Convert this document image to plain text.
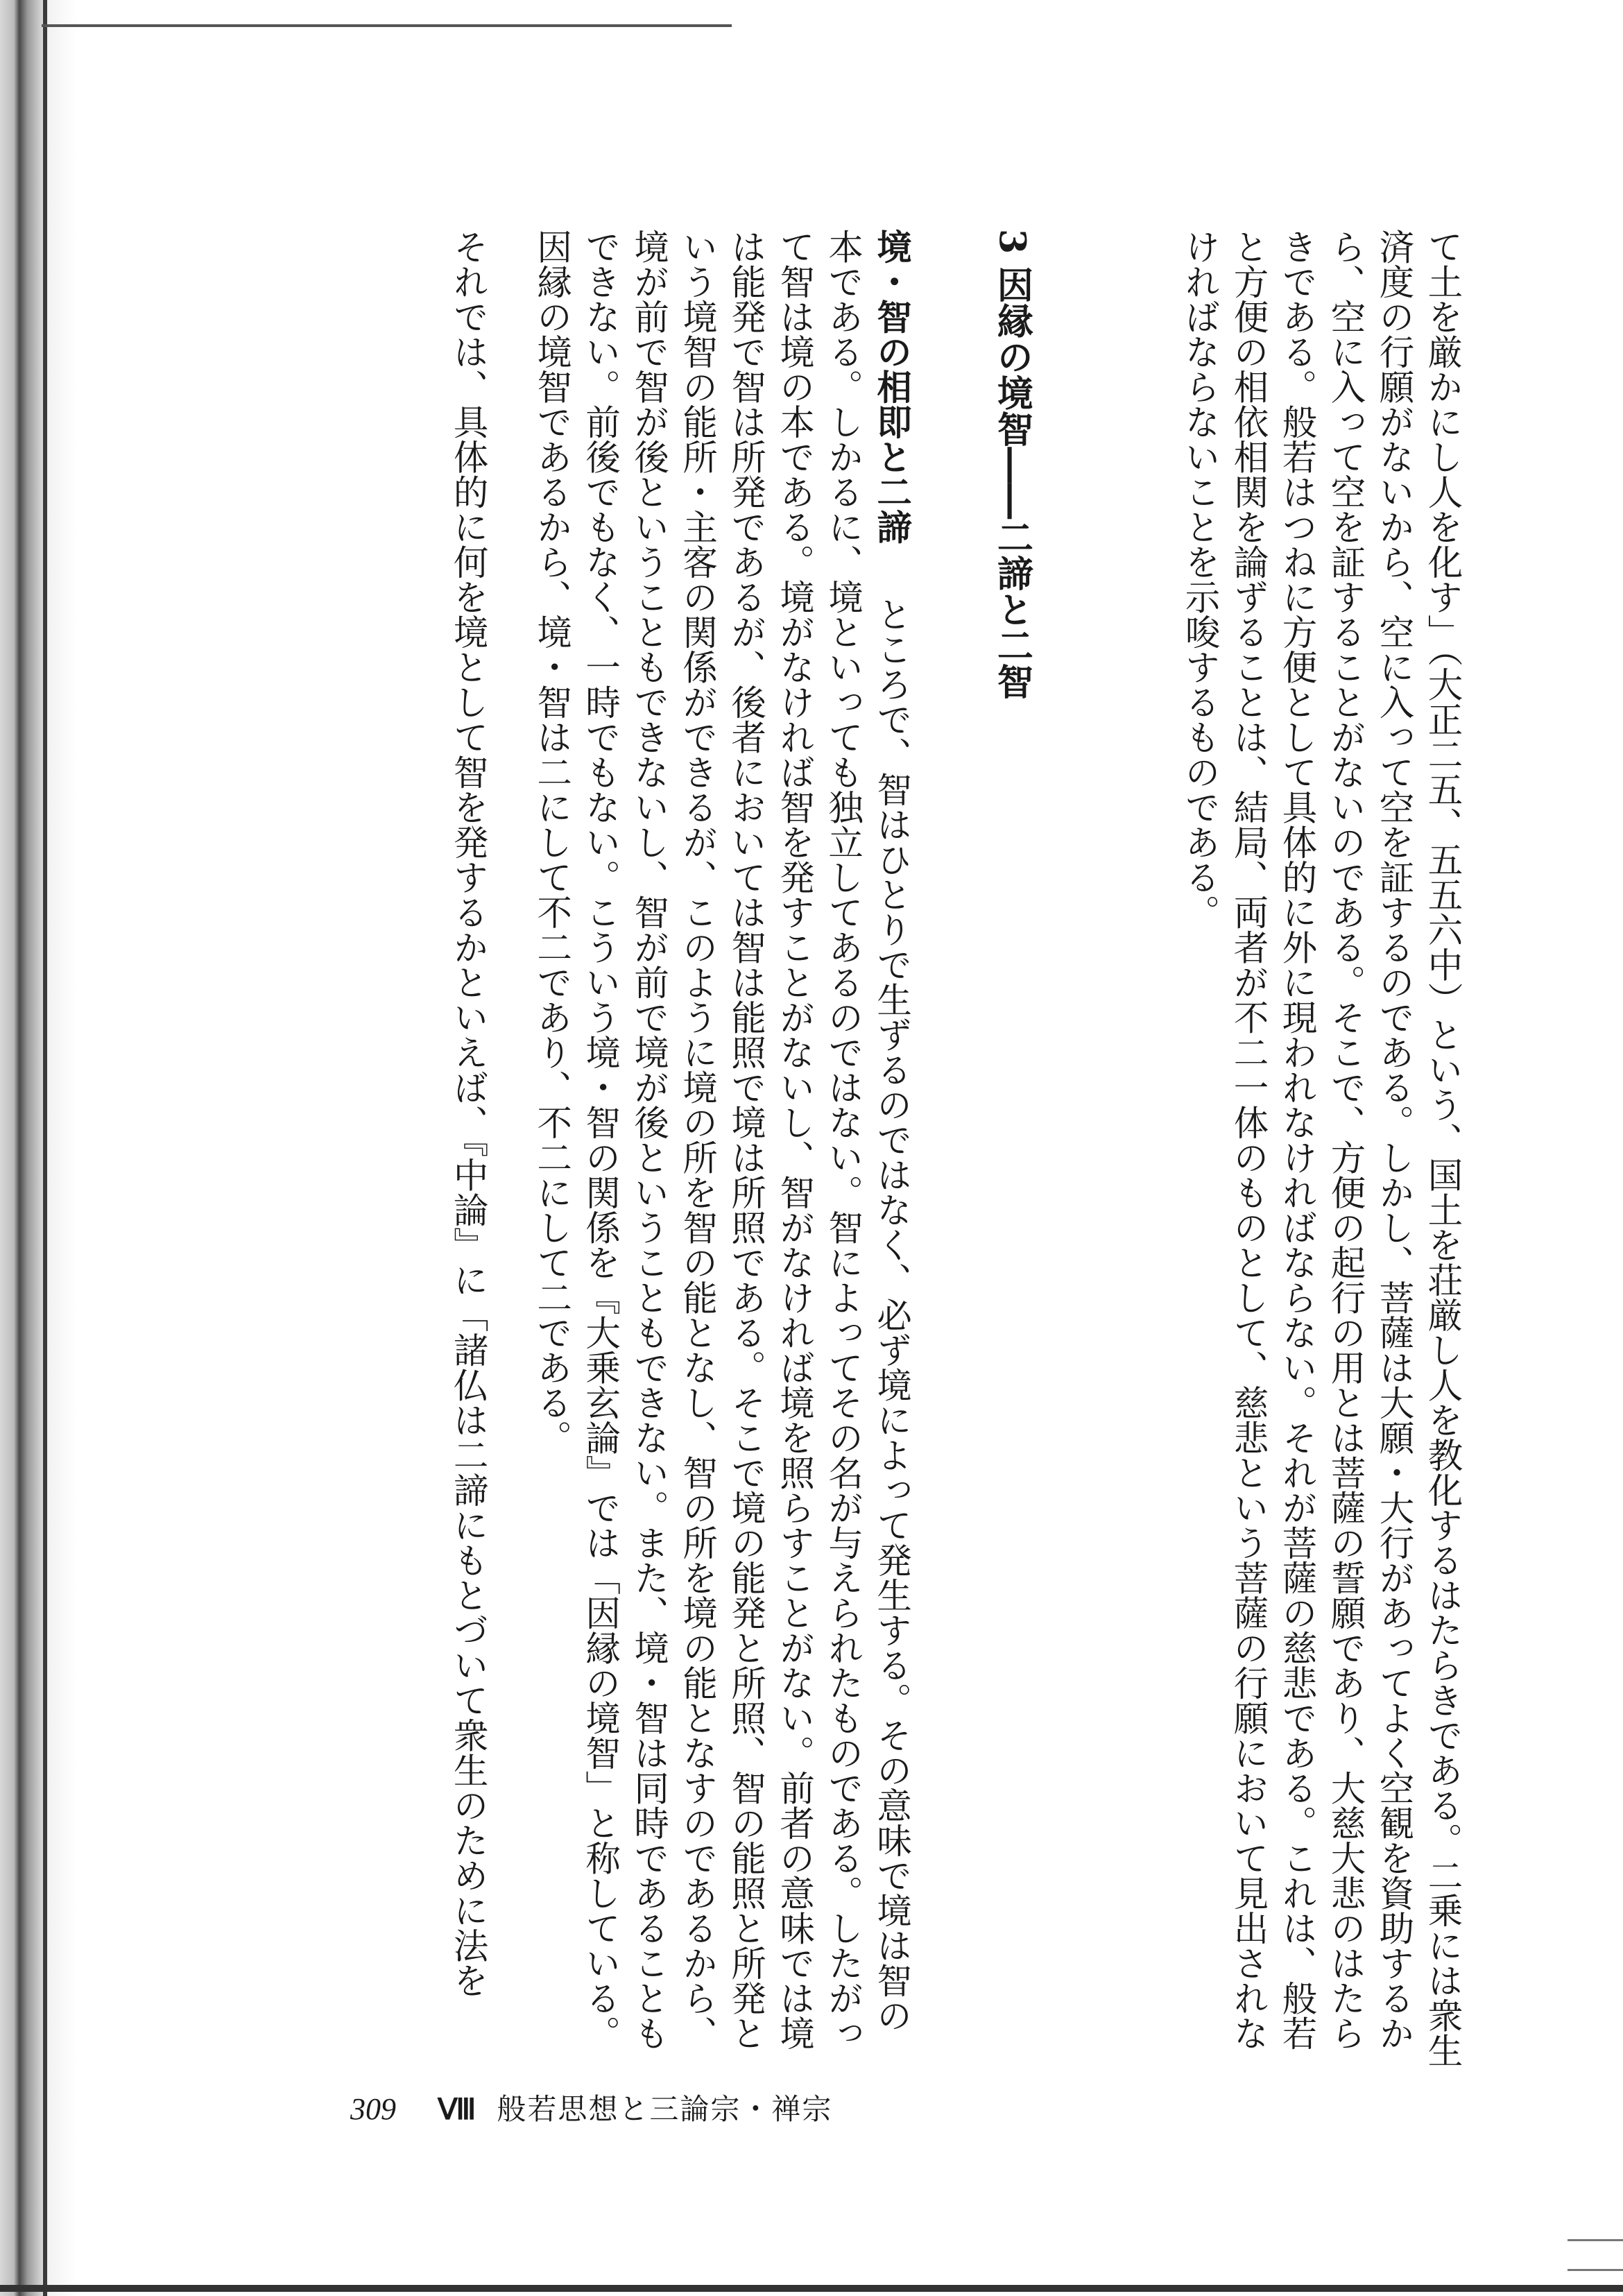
て土を厳かにし人を化す」（大正二五、五五六中）という、国土を荘厳し人を教化するはたらきである。二乗には衆生
済度の行願がないから、空に入って空を証するのである。しかし、菩薩は大願・大行があってよく空観を資助するか
ら、空に入って空を証することがないのである。そこで、方便の起行の用とは菩薩の誓願であり、大慈大悲のはたら
きである。般若はつねに方便として具体的に外に現われなければならない。それが菩薩の慈悲である。これは、般若
と方便の相依相関を論ずることは、結局、両者が不二一体のものとして、慈悲という菩薩の行願において見出されな
ければならないことを示唆するものである。
3 因縁の境智――二諦と二智
境・智の相即と二諦ところで、智はひとりで生ずるのではなく、必ず境によって発生する。その意味で境は智の
本である。しかるに、境といっても独立してあるのではない。智によってその名が与えられたものである。したがっ
て智は境の本である。境がなければ智を発すことがないし、智がなければ境を照らすことがない。前者の意味では境
は能発で智は所発であるが、後者においては智は能照で境は所照である。そこで境の能発と所照、智の能照と所発と
いう境智の能所・主客の関係ができるが、このように境の所を智の能となし、智の所を境の能となすのであるから、
境が前で智が後ということもできないし、智が前で境が後ということもできない。また、境・智は同時であることも
できない。前後でもなく、一時でもない。こういう境・智の関係を『大乗玄論』では「因縁の境智」と称している。
因縁の境智であるから、境・智は二にして不二であり、不二にして二である。
それでは、具体的に何を境として智を発するかといえば、『中論』に「諸仏は二諦にもとづいて衆生のために法を
309 Ⅷ 般若思想と三論宗・禅宗
